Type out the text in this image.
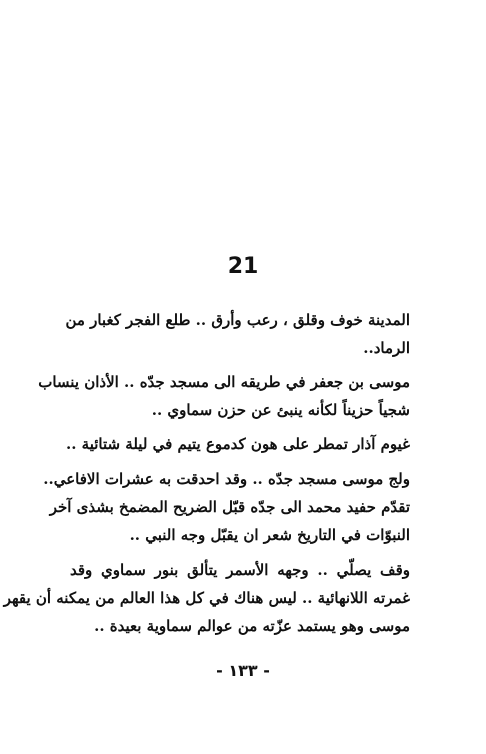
21
المدينة خوف وقلق ، رعب وأرق .. طلع الفجر كغبار من
الرماد..
موسى بن جعفر في طريقه الى مسجد جدّه .. الأذان ينساب
شجياً حزيناً لكأنه ينبئ عن حزن سماوي ..
غيوم آذار تمطر على هون كدموع يتيم في ليلة شتائية ..
ولج موسى مسجد جدّه .. وقد احدقت به عشرات الافاعي..
تقدّم حفيد محمد الى جدّه قبّل الضريح المضمخ بشذى آخر
النبوّات في التاريخ شعر ان يقبّل وجه النبي ..
وقف يصلّي .. وجهه الأسمر يتألق بنور سماوي وقد
غمرته اللانهائية .. ليس هناك في كل هذا العالم من يمكنه أن يقهر
موسى وهو يستمد عزّته من عوالم سماوية بعيدة ..
- ١٣٣ -
